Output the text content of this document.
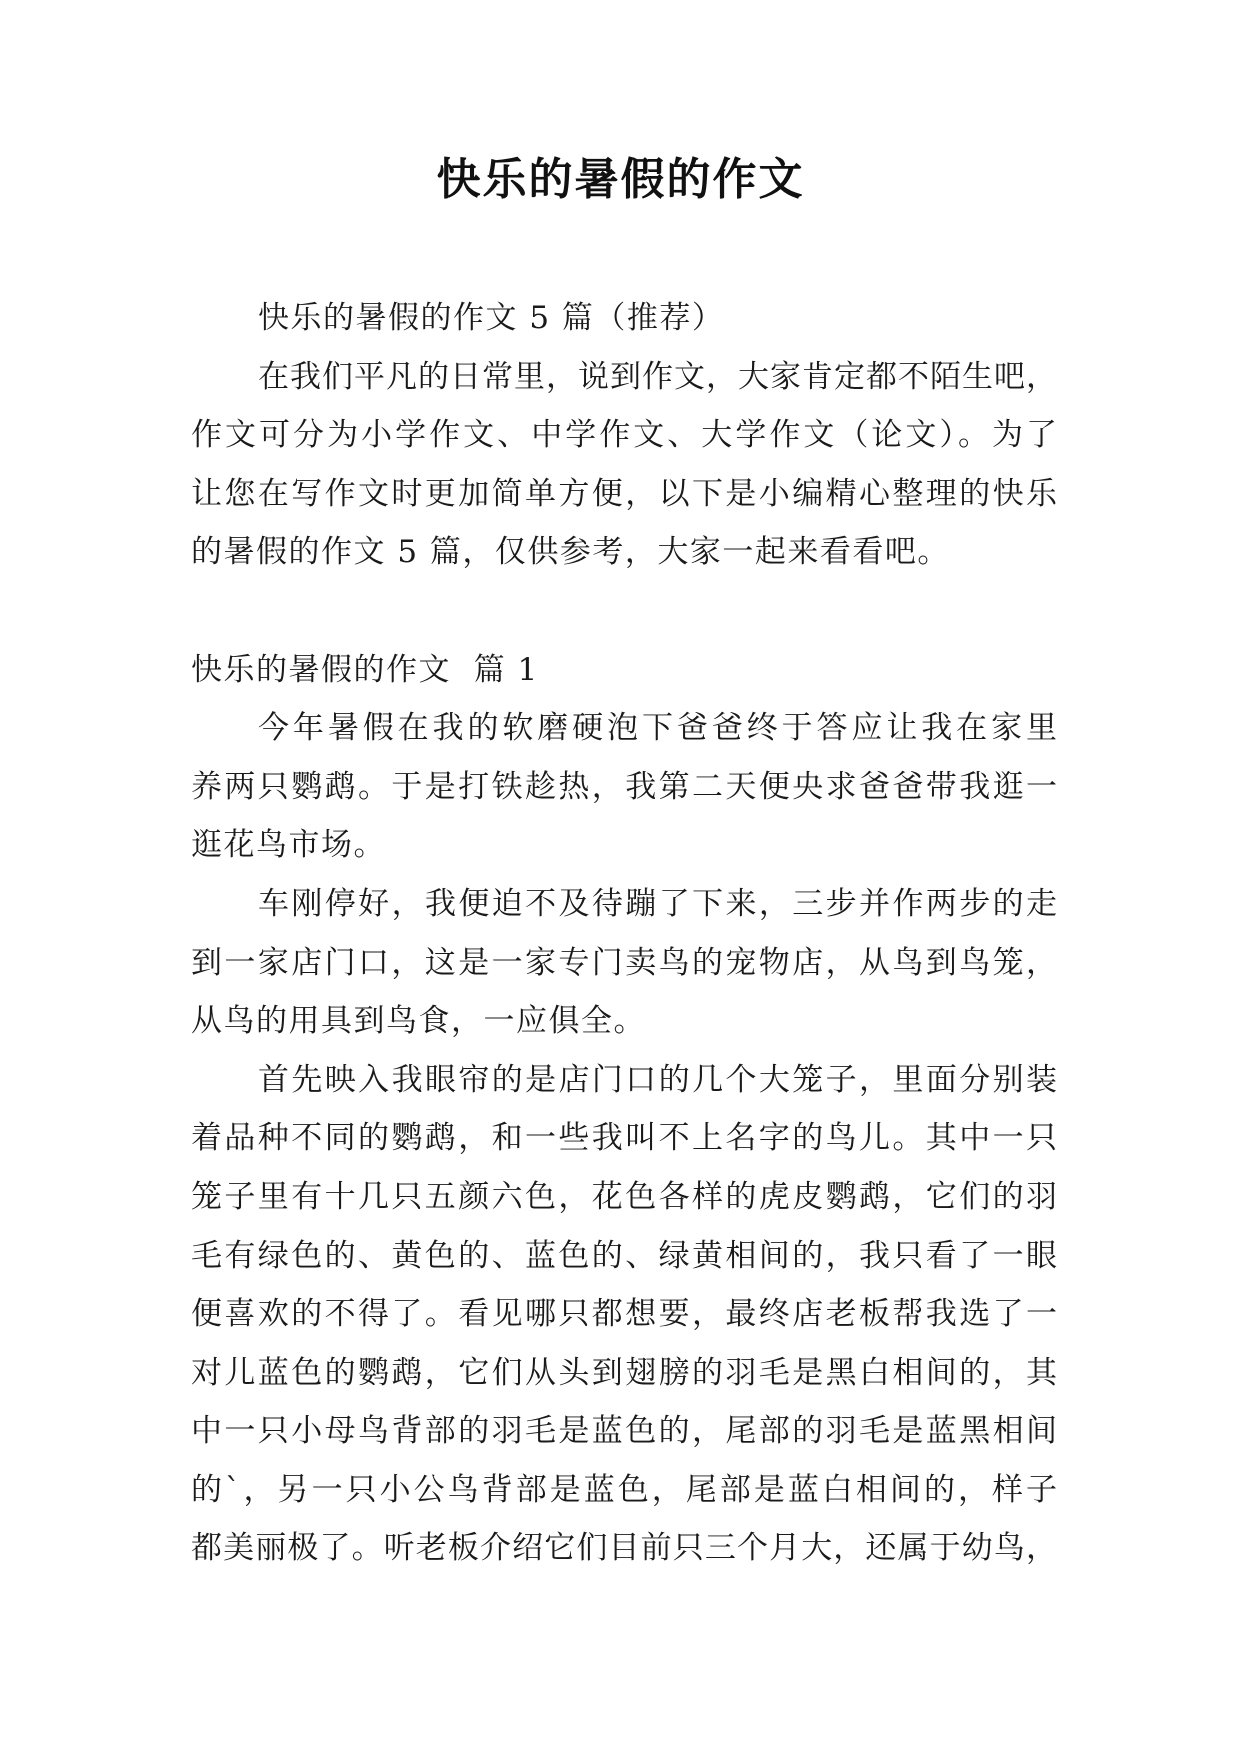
快乐的暑假的作文
快乐的暑假的作文 5 篇（推荐）
在我们平凡的日常里，说到作文，大家肯定都不陌生吧，
作文可分为小学作文、中学作文、大学作文（论文）。为了
让您在写作文时更加简单方便，以下是小编精心整理的快乐
的暑假的作文 5 篇，仅供参考，大家一起来看看吧。
快乐的暑假的作文  篇 1
今年暑假在我的软磨硬泡下爸爸终于答应让我在家里
养两只鹦鹉。于是打铁趁热，我第二天便央求爸爸带我逛一
逛花鸟市场。
车刚停好，我便迫不及待蹦了下来，三步并作两步的走
到一家店门口，这是一家专门卖鸟的宠物店，从鸟到鸟笼，
从鸟的用具到鸟食，一应俱全。
首先映入我眼帘的是店门口的几个大笼子，里面分别装
着品种不同的鹦鹉，和一些我叫不上名字的鸟儿。其中一只
笼子里有十几只五颜六色，花色各样的虎皮鹦鹉，它们的羽
毛有绿色的、黄色的、蓝色的、绿黄相间的，我只看了一眼
便喜欢的不得了。看见哪只都想要，最终店老板帮我选了一
对儿蓝色的鹦鹉，它们从头到翅膀的羽毛是黑白相间的，其
中一只小母鸟背部的羽毛是蓝色的，尾部的羽毛是蓝黑相间
的`，另一只小公鸟背部是蓝色，尾部是蓝白相间的，样子
都美丽极了。听老板介绍它们目前只三个月大，还属于幼鸟，
